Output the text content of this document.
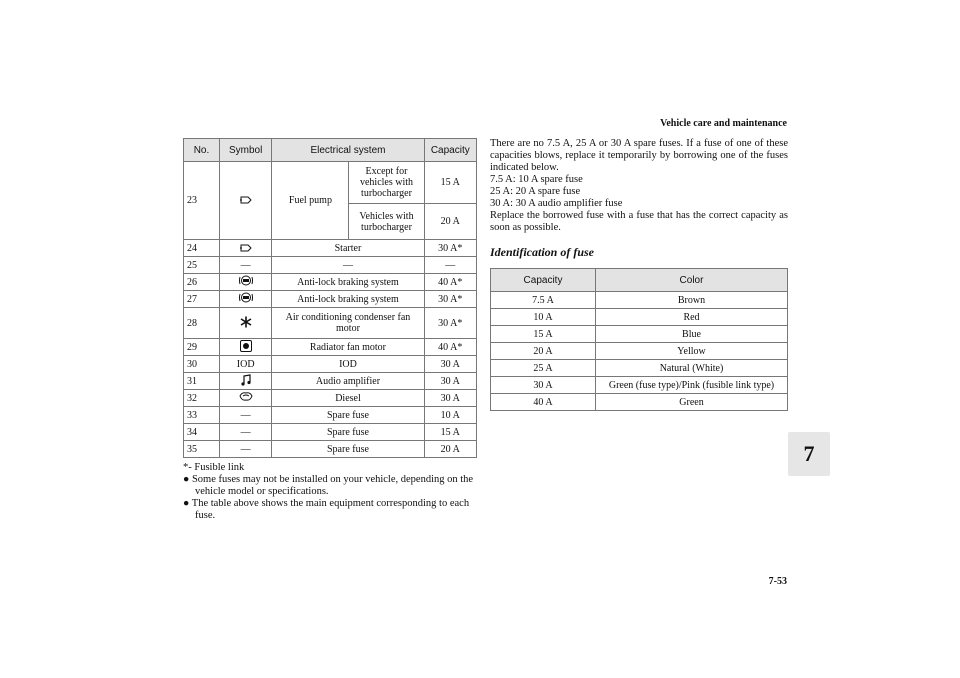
Vehicle care and maintenance
No.	Symbol	Electrical system		Capacity
23		Fuel pump	Except for vehicles with turbocharger	15 A
			Vehicles with turbocharger	20 A
24		Starter		30 A*
25	—	—		—
26		Anti-lock braking system		40 A*
27		Anti-lock braking system		30 A*
28		Air conditioning condenser fan motor		30 A*
29		Radiator fan motor		40 A*
30	IOD	IOD		30 A
31		Audio amplifier		30 A
32		Diesel		30 A
33	—	Spare fuse		10 A
34	—	Spare fuse		15 A
35	—	Spare fuse		20 A
*- Fusible link
● Some fuses may not be installed on your vehicle, depending on the vehicle model or specifications.
● The table above shows the main equipment corresponding to each fuse.
There are no 7.5 A, 25 A or 30 A spare fuses. If a fuse of one of these capacities blows, replace it temporarily by borrowing one of the fuses indicated below.
7.5 A: 10 A spare fuse
25 A: 20 A spare fuse
30 A: 30 A audio amplifier fuse
Replace the borrowed fuse with a fuse that has the correct capacity as soon as possible.
Identification of fuse
Capacity	Color
7.5 A	Brown
10 A	Red
15 A	Blue
20 A	Yellow
25 A	Natural (White)
30 A	Green (fuse type)/Pink (fusible link type)
40 A	Green
7
7-53
